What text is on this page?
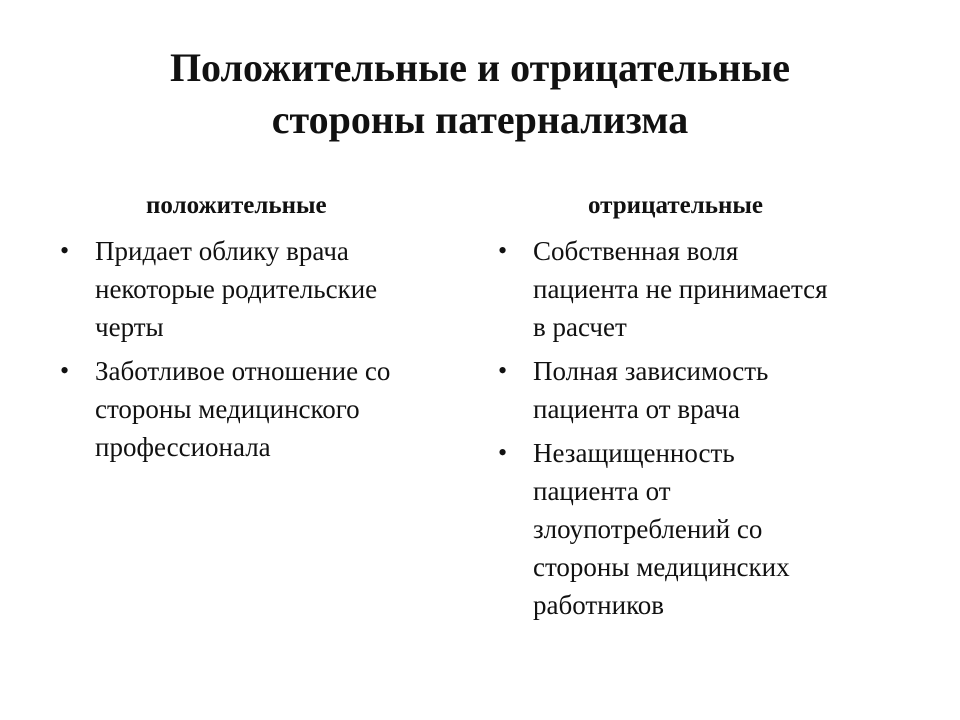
Положительные и отрицательные
стороны патернализма
положительные
• Придает облику врача
некоторые родительские
черты
• Заботливое отношение со
стороны медицинского
профессионала
отрицательные
• Собственная воля
пациента не принимается
в расчет
• Полная зависимость
пациента от врача
• Незащищенность
пациента от
злоупотреблений со
стороны медицинских
работников
